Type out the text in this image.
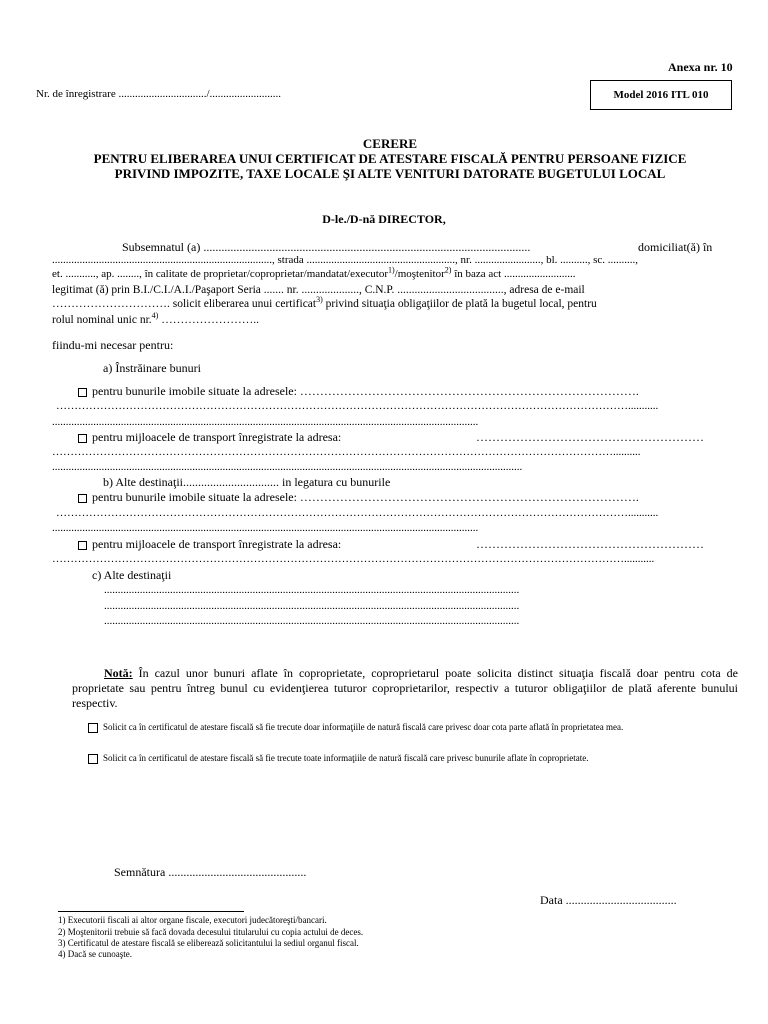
Anexa nr. 10
Nr. de înregistrare ................................/..........................	Model 2016 ITL 010
CERERE
PENTRU ELIBERAREA UNUI CERTIFICAT DE ATESTARE FISCALĂ PENTRU PERSOANE FIZICE
PRIVIND IMPOZITE, TAXE LOCALE ŞI ALTE VENITURI DATORATE BUGETULUI LOCAL
D-le./D-nă DIRECTOR,
Subsemnatul (a) .............................................................................................................	domiciliat(ă) în
................................................................................, strada ......................................................, nr. ........................, bl. .........., sc. ..........,
et. ..........., ap. ........, în calitate de proprietar/coproprietar/mandatat/executor$^{1)}$/moştenitor$^{2)}$ în baza act ..........................
legitimat (ă) prin B.I./C.I./A.I./Paşaport Seria ....... nr. ...................., C.N.P. ....................................., adresa de e-mail
…………………………. solicit eliberarea unui certificat$^{3)}$ privind situaţia obligaţiilor de plată la bugetul local, pentru
rolul nominal unic nr.$^{4)}$ ……………………..
fiindu-mi necesar pentru:
a) Înstrăinare bunuri
pentru bunurile imobile situate la adresele: ………………………………………………………………………….
…………………………………………………………………………………………………………………………………………...........
...........................................................................................................................................................
pentru mijloacele de transport înregistrate la adresa:	…………………………………………………
………………………………………………………………………………………………………………………………………..........
...........................................................................................................................................................................
b) Alte destinaţii................................ in legatura cu bunurile
pentru bunurile imobile situate la adresele: ………………………………………………………………………….
…………………………………………………………………………………………………………………………………………...........
...........................................................................................................................................................
pentru mijloacele de transport înregistrate la adresa:	…………………………………………………
…………………………………………………………………………………………………………………………………………...........
c) Alte destinaţii
.......................................................................................................................................................
.......................................................................................................................................................
.......................................................................................................................................................
Notă: În cazul unor bunuri aflate în coproprietate, coproprietarul poate solicita distinct situaţia fiscală doar pentru cota de proprietate sau pentru întreg bunul cu evidenţierea tuturor coproprietarilor, respectiv a tuturor obligaţiilor de plată aferente bunului respectiv.
Solicit ca în certificatul de atestare fiscală să fie trecute doar informaţiile de natură fiscală care privesc doar cota parte aflată în proprietatea mea.
Solicit ca în certificatul de atestare fiscală să fie trecute toate informaţiile de natură fiscală care privesc bunurile aflate în coproprietate.
Semnătura ..............................................
Data .....................................
1) Executorii fiscali ai altor organe fiscale, executori judecătoreşti/bancari.
2) Moştenitorii trebuie să facă dovada decesului titularului cu copia actului de deces.
3) Certificatul de atestare fiscală se eliberează solicitantului la sediul organul fiscal.
4) Dacă se cunoaşte.
